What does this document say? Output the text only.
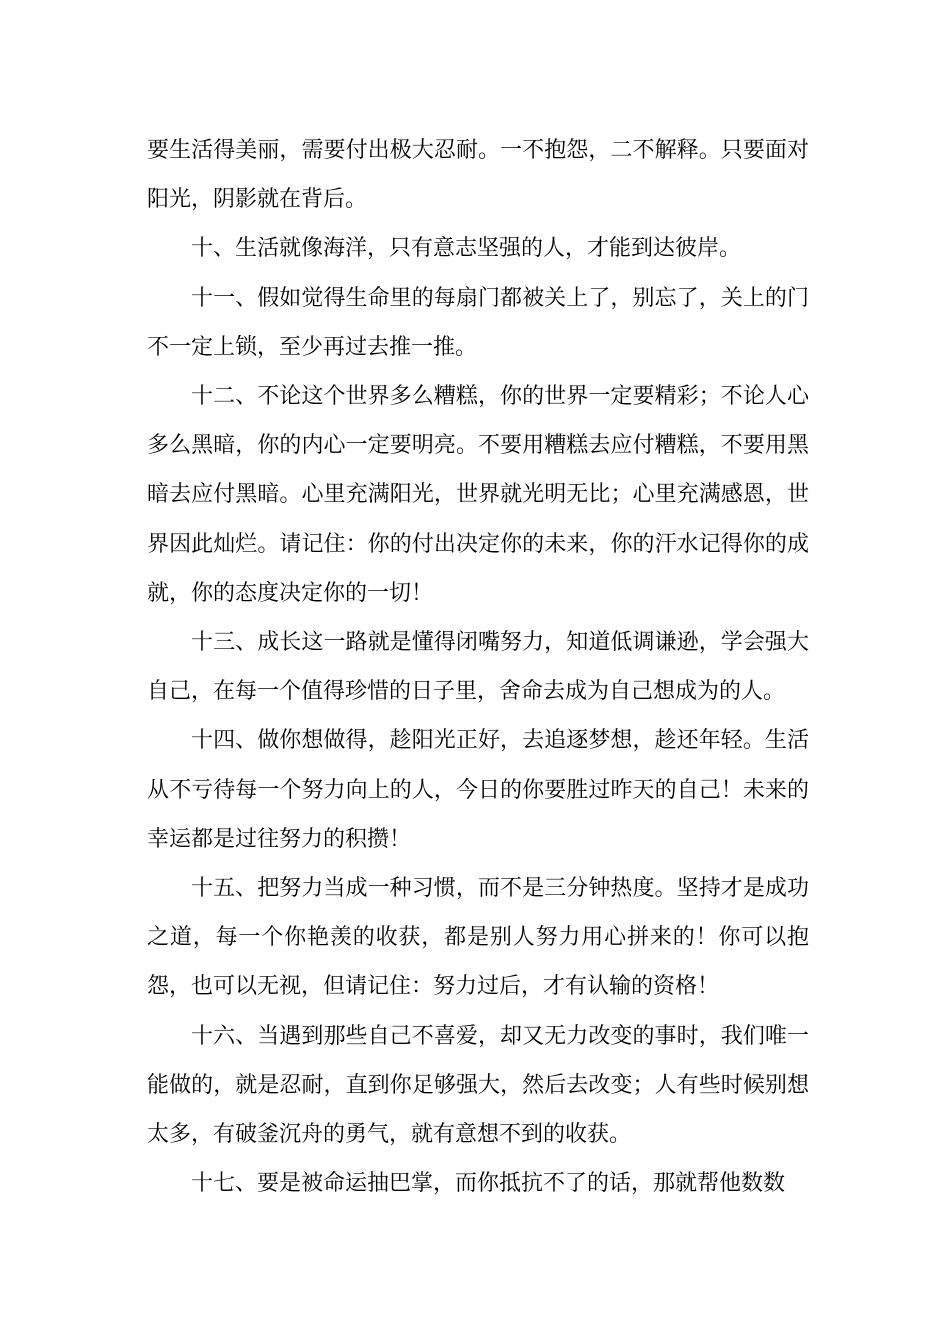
要生活得美丽，需要付出极大忍耐。一不抱怨，二不解释。只要面对阳光，阴影就在背后。

十、生活就像海洋，只有意志坚强的人，才能到达彼岸。

十一、假如觉得生命里的每扇门都被关上了，别忘了，关上的门不一定上锁，至少再过去推一推。

十二、不论这个世界多么糟糕，你的世界一定要精彩；不论人心多么黑暗，你的内心一定要明亮。不要用糟糕去应付糟糕，不要用黑暗去应付黑暗。心里充满阳光，世界就光明无比；心里充满感恩，世界因此灿烂。请记住：你的付出决定你的未来，你的汗水记得你的成就，你的态度决定你的一切！

十三、成长这一路就是懂得闭嘴努力，知道低调谦逊，学会强大自己，在每一个值得珍惜的日子里，舍命去成为自己想成为的人。

十四、做你想做得，趁阳光正好，去追逐梦想，趁还年轻。生活从不亏待每一个努力向上的人，今日的你要胜过昨天的自己！未来的幸运都是过往努力的积攒！

十五、把努力当成一种习惯，而不是三分钟热度。坚持才是成功之道，每一个你艳羡的收获，都是别人努力用心拼来的！你可以抱怨，也可以无视，但请记住：努力过后，才有认输的资格！

十六、当遇到那些自己不喜爱，却又无力改变的事时，我们唯一能做的，就是忍耐，直到你足够强大，然后去改变；人有些时候别想太多，有破釜沉舟的勇气，就有意想不到的收获。

十七、要是被命运抽巴掌，而你抵抗不了的话，那就帮他数数
